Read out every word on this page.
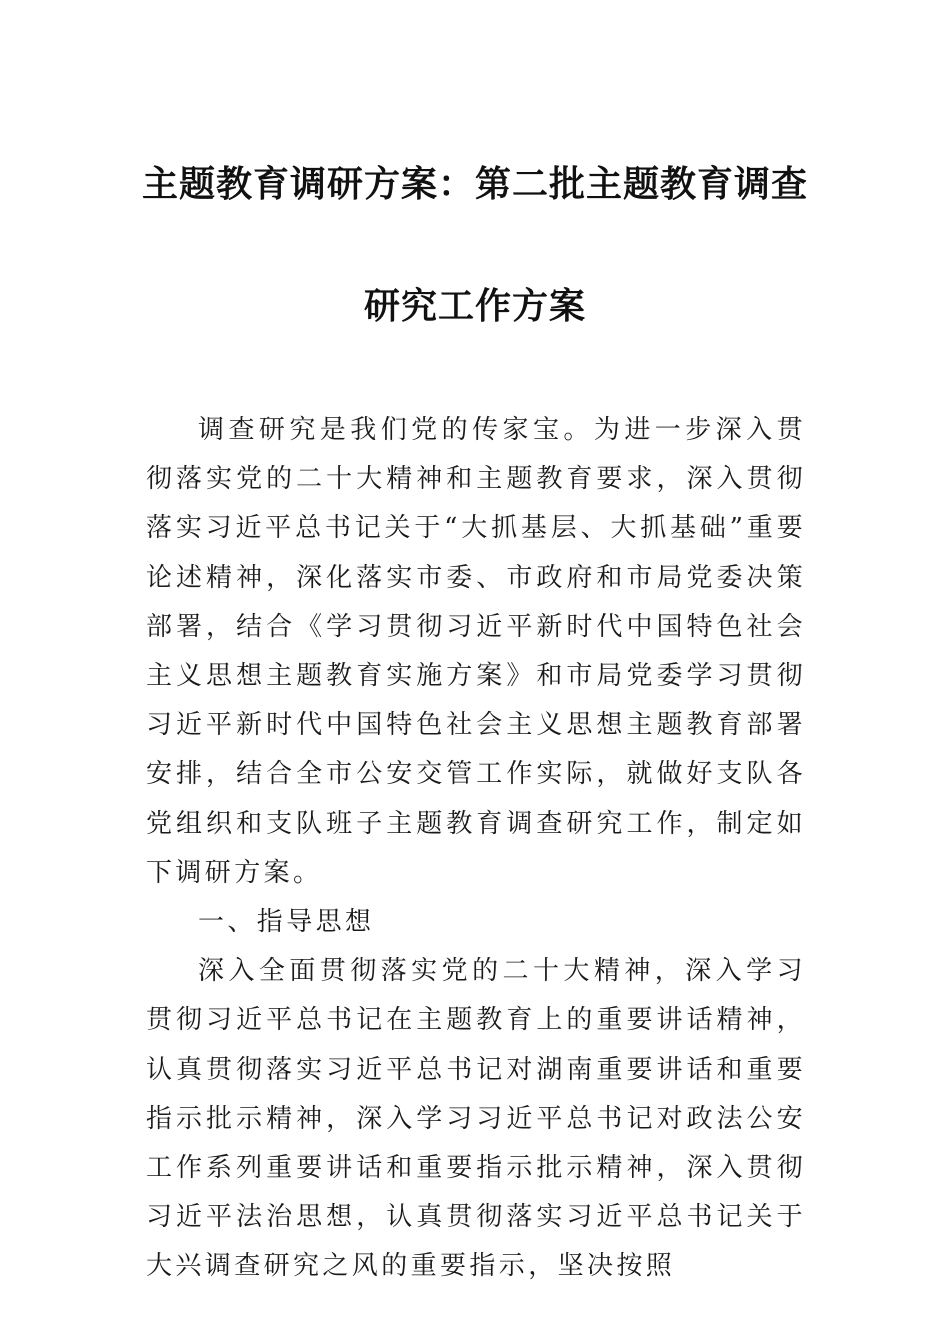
主题教育调研方案：第二批主题教育调查
研究工作方案

调查研究是我们党的传家宝。为进一步深入贯彻落实党的二十大精神和主题教育要求，深入贯彻落实习近平总书记关于“大抓基层、大抓基础”重要论述精神，深化落实市委、市政府和市局党委决策部署，结合《学习贯彻习近平新时代中国特色社会主义思想主题教育实施方案》和市局党委学习贯彻习近平新时代中国特色社会主义思想主题教育部署安排，结合全市公安交管工作实际，就做好支队各党组织和支队班子主题教育调查研究工作，制定如下调研方案。

一、指导思想

深入全面贯彻落实党的二十大精神，深入学习贯彻习近平总书记在主题教育上的重要讲话精神，认真贯彻落实习近平总书记对湖南重要讲话和重要指示批示精神，深入学习习近平总书记对政法公安工作系列重要讲话和重要指示批示精神，深入贯彻习近平法治思想，认真贯彻落实习近平总书记关于大兴调查研究之风的重要指示，坚决按照
